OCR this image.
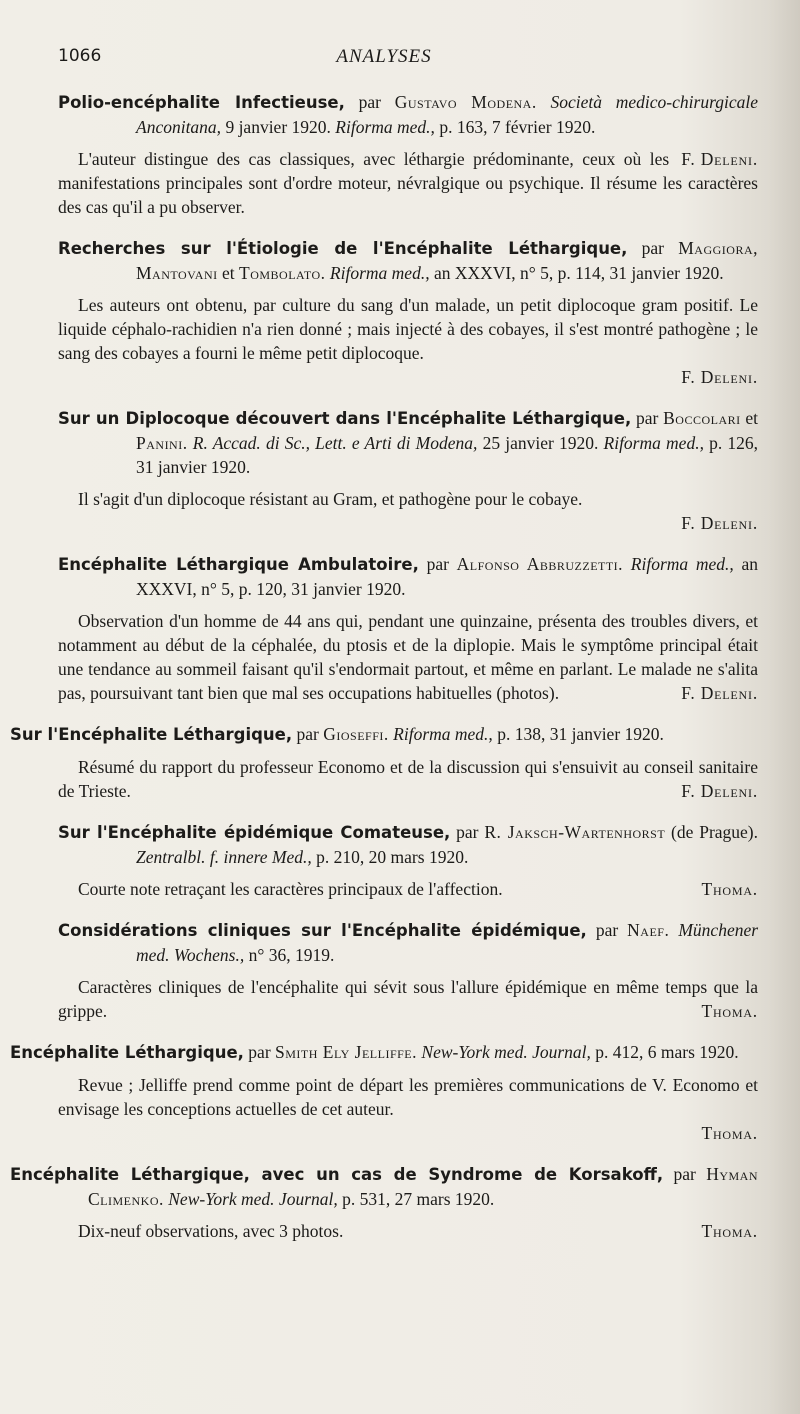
1066	ANALYSES
Polio-encéphalite Infectieuse, par Gustavo Modena. Società medico-chirurgicale Anconitana, 9 janvier 1920. Riforma med., p. 163, 7 février 1920.
F. Deleni.
L'auteur distingue des cas classiques, avec léthargie prédominante, ceux où les manifestations principales sont d'ordre moteur, névralgique ou psychique. Il résume les caractères des cas qu'il a pu observer.
Recherches sur l'Étiologie de l'Encéphalite Léthargique, par Maggiora, Mantovani et Tombolato. Riforma med., an XXXVI, n° 5, p. 114, 31 janvier 1920.
Les auteurs ont obtenu, par culture du sang d'un malade, un petit diplocoque gram positif. Le liquide céphalo-rachidien n'a rien donné ; mais injecté à des cobayes, il s'est montré pathogène ; le sang des cobayes a fourni le même petit diplocoque.
F. Deleni.
Sur un Diplocoque découvert dans l'Encéphalite Léthargique, par Boccolari et Panini. R. Accad. di Sc., Lett. e Arti di Modena, 25 janvier 1920. Riforma med., p. 126, 31 janvier 1920.
Il s'agit d'un diplocoque résistant au Gram, et pathogène pour le cobaye.
F. Deleni.
Encéphalite Léthargique Ambulatoire, par Alfonso Abbruzzetti. Riforma med., an XXXVI, n° 5, p. 120, 31 janvier 1920.
Observation d'un homme de 44 ans qui, pendant une quinzaine, présenta des troubles divers, et notamment au début de la céphalée, du ptosis et de la diplopie. Mais le symptôme principal était une tendance au sommeil faisant qu'il s'endormait partout, et même en parlant. Le malade ne s'alita pas, poursuivant tant bien que mal ses occupations habituelles (photos).	F. Deleni.
Sur l'Encéphalite Léthargique, par Gioseffi. Riforma med., p. 138, 31 janvier 1920.
Résumé du rapport du professeur Economo et de la discussion qui s'ensuivit au conseil sanitaire de Trieste.	F. Deleni.
Sur l'Encéphalite épidémique Comateuse, par R. Jaksch-Wartenhorst (de Prague). Zentralbl. f. innere Med., p. 210, 20 mars 1920.
Thoma.
Courte note retraçant les caractères principaux de l'affection.
Considérations cliniques sur l'Encéphalite épidémique, par Naef. Münchener med. Wochens., n° 36, 1919.
Caractères cliniques de l'encéphalite qui sévit sous l'allure épidémique en même temps que la grippe.	Thoma.
Encéphalite Léthargique, par Smith Ely Jelliffe. New-York med. Journal, p. 412, 6 mars 1920.
Revue ; Jelliffe prend comme point de départ les premières communications de V. Economo et envisage les conceptions actuelles de cet auteur.
Thoma.
Encéphalite Léthargique, avec un cas de Syndrome de Korsakoff, par Hyman Climenko. New-York med. Journal, p. 531, 27 mars 1920.
Thoma.
Dix-neuf observations, avec 3 photos.
